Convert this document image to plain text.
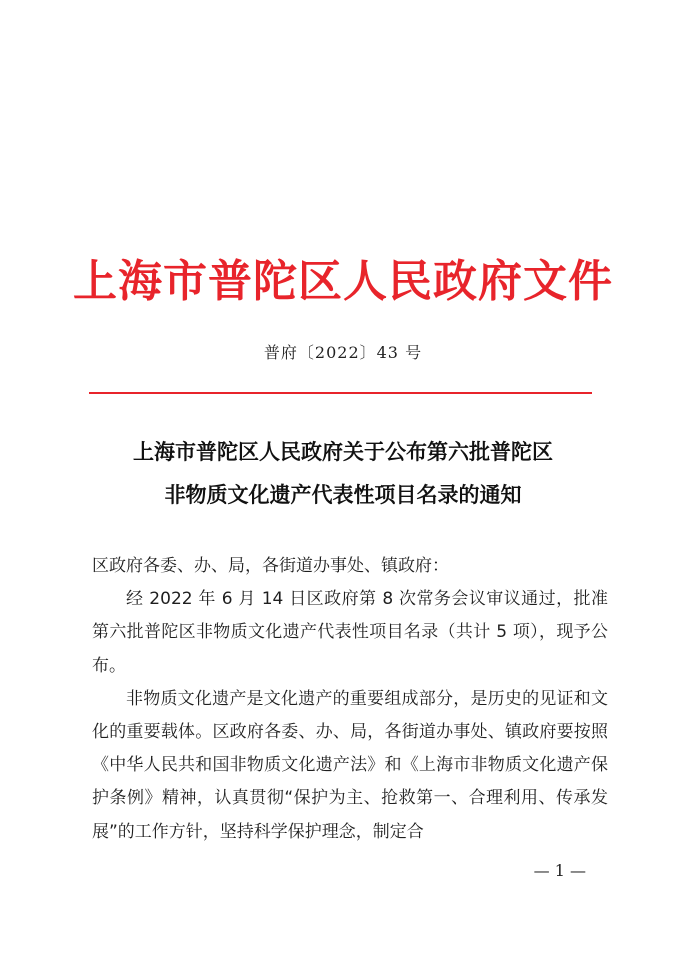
上海市普陀区人民政府文件
普府〔2022〕43 号
上海市普陀区人民政府关于公布第六批普陀区
非物质文化遗产代表性项目名录的通知

区政府各委、办、局，各街道办事处、镇政府：

经 2022 年 6 月 14 日区政府第 8 次常务会议审议通过，批准第六批普陀区非物质文化遗产代表性项目名录（共计 5 项），现予公布。

非物质文化遗产是文化遗产的重要组成部分，是历史的见证和文化的重要载体。区政府各委、办、局，各街道办事处、镇政府要按照《中华人民共和国非物质文化遗产法》和《上海市非物质文化遗产保护条例》精神，认真贯彻“保护为主、抢救第一、合理利用、传承发展”的工作方针，坚持科学保护理念，制定合

— 1 —
